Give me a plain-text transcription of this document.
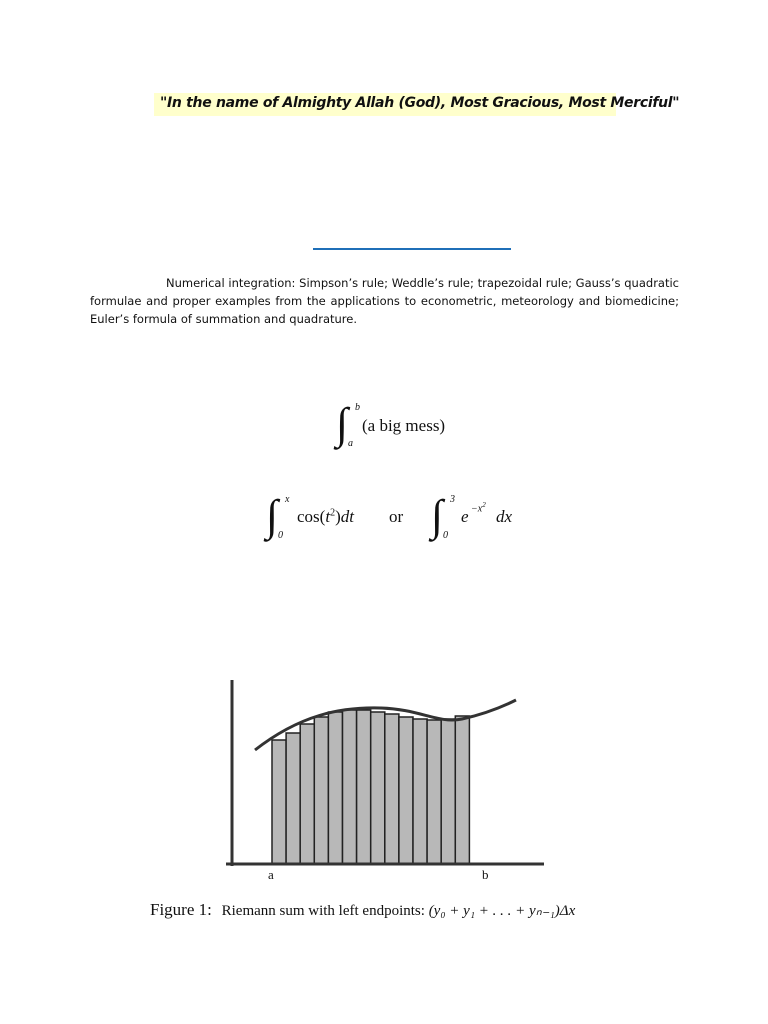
"In the name of Almighty Allah (God), Most Gracious, Most Merciful"

Numerical integration: Simpson’s rule; Weddle’s rule; trapezoidal rule; Gauss’s quadratic formulae and proper examples from the applications to econometric, meteorology and biomedicine; Euler’s formula of summation and quadrature.

∫ b
a
(a big mess)
∫ x
0
$\cos(t^2)dt$ or ∫ 3
0
$e -x^2$
dx
a	b
Figure 1: Riemann sum with left endpoints: (y₀ + y₁ + . . . + yₙ₋₁)Δx
